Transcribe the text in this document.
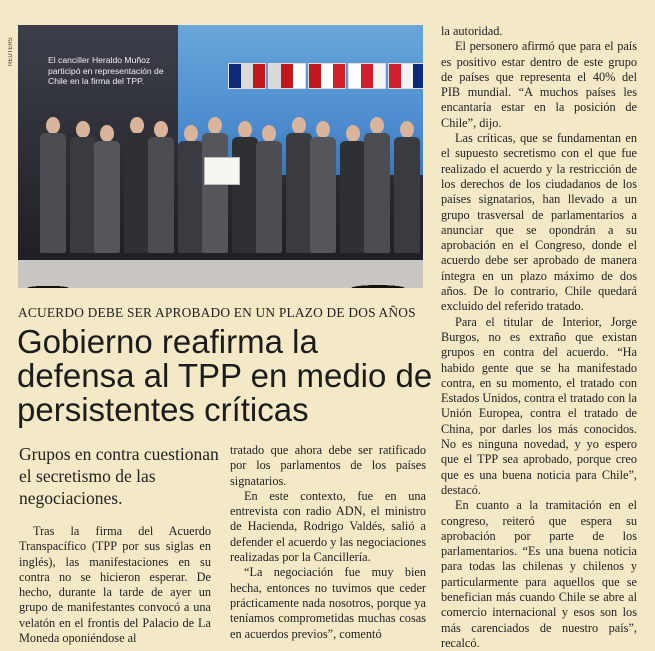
El canciller Heraldo Muñoz participó en representación de Chile en la firma del TPP.
REUTERS
ACUERDO DEBE SER APROBADO EN UN PLAZO DE DOS AÑOS
Gobierno reafirma la defensa al TPP en medio de persistentes críticas
Grupos en contra cuestionan el secretismo de las negociaciones.

Tras la firma del Acuerdo Transpacífico (TPP por sus siglas en inglés), las manifestaciones en su contra no se hicieron esperar. De hecho, durante la tarde de ayer un grupo de manifestantes convocó a una velatón en el frontis del Palacio de La Moneda oponiéndose al

tratado que ahora debe ser ratificado por los parlamentos de los países signatarios.

En este contexto, fue en una entrevista con radio ADN, el ministro de Hacienda, Rodrigo Valdés, salió a defender el acuerdo y las negociaciones realizadas por la Cancillería.

“La negociación fue muy bien hecha, entonces no tuvimos que ceder prácticamente nada nosotros, porque ya teníamos comprometidas muchas cosas en acuerdos previos”, comentó

la autoridad.

El personero afirmó que para el país es positivo estar dentro de este grupo de países que representa el 40% del PIB mundial. “A muchos países les encantaría estar en la posición de Chile”, dijo.

Las críticas, que se fundamentan en el supuesto secretismo con el que fue realizado el acuerdo y la restricción de los derechos de los ciudadanos de los países signatarios, han llevado a un grupo trasversal de parlamentarios a anunciar que se opondrán a su aprobación en el Congreso, donde el acuerdo debe ser aprobado de manera íntegra en un plazo máximo de dos años. De lo contrario, Chile quedará excluido del referido tratado.

Para el titular de Interior, Jorge Burgos, no es extraño que existan grupos en contra del acuerdo. “Ha habido gente que se ha manifestado contra, en su momento, el tratado con Estados Unidos, contra el tratado con la Unión Europea, contra el tratado de China, por darles los más conocidos. No es ninguna novedad, y yo espero que el TPP sea aprobado, porque creo que es una buena noticia para Chile”, destacó.

En cuanto a la tramitación en el congreso, reiteró que espera su aprobación por parte de los parlamentarios. “Es una buena noticia para todas las chilenas y chilenos y particularmente para aquellos que se benefician más cuando Chile se abre al comercio internacional y esos son los más carenciados de nuestro país”, recalcó.
